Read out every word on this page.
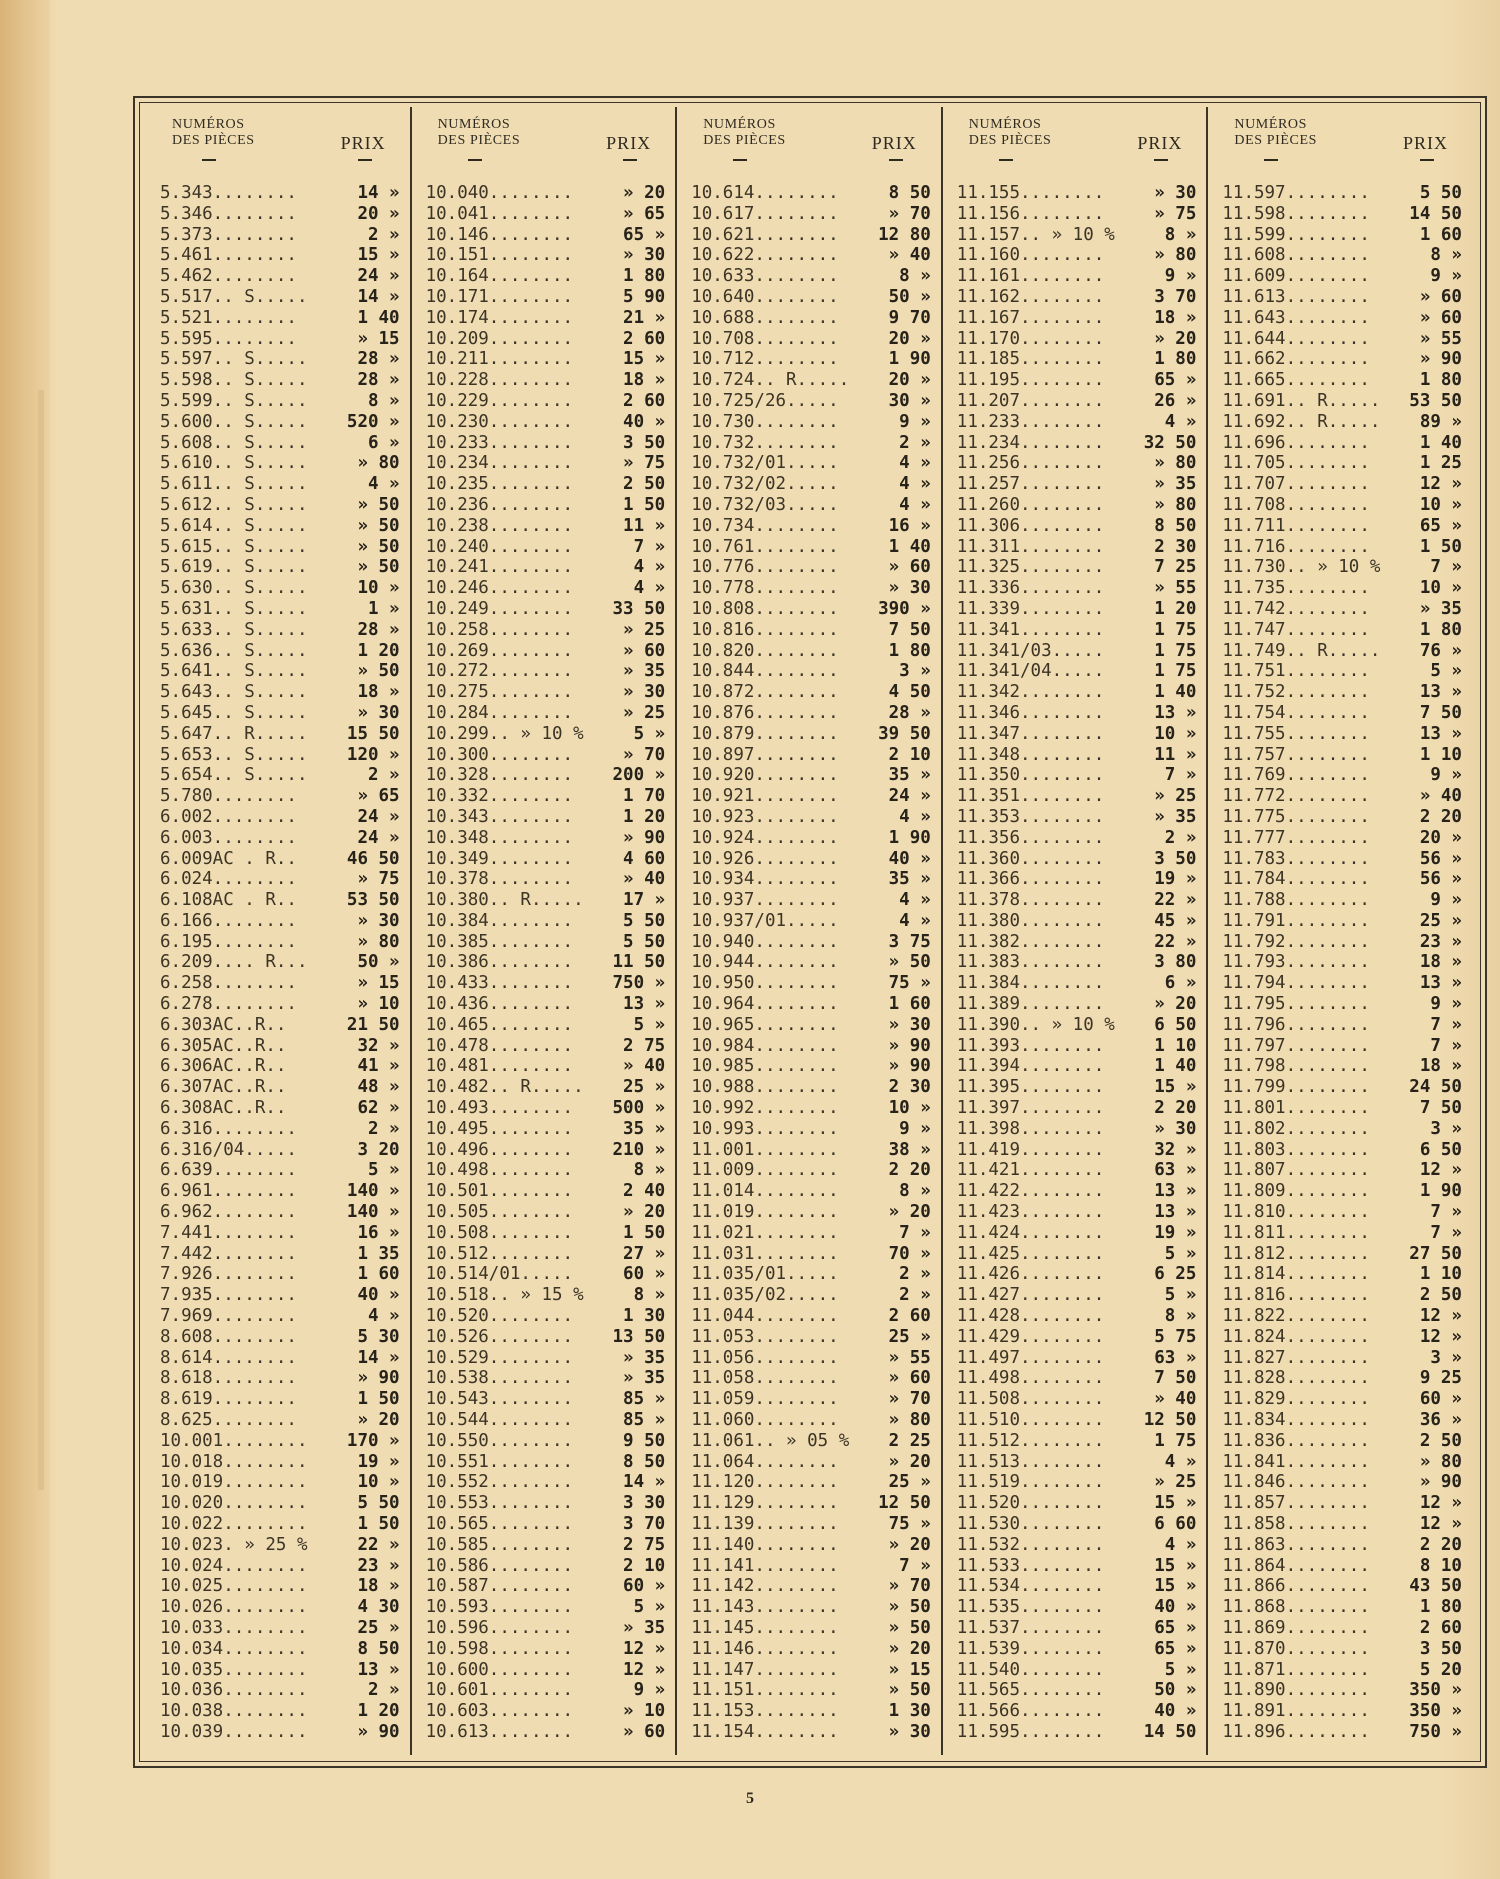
NUMÉROS
DES PIÈCES	PRIX
5.343........	14 »
5.346........	20 »
5.373........	2 »
5.461........	15 »
5.462........	24 »
5.517.. S.....	14 »
5.521........	1 40
5.595........	» 15
5.597.. S.....	28 »
5.598.. S.....	28 »
5.599.. S.....	8 »
5.600.. S..... 520 »
5.608.. S.....	6 »
5.610.. S.....	» 80
5.611.. S.....	4 »
5.612.. S.....	» 50
5.614.. S.....	» 50
5.615.. S.....	» 50
5.619.. S.....	» 50
5.630.. S.....	10 »
5.631.. S.....	1 »
5.633.. S.....	28 »
5.636.. S.....	1 20
5.641.. S.....	» 50
5.643.. S.....	18 »
5.645.. S.....	» 30
5.647.. R..... 15 50
5.653.. S..... 120 »
5.654.. S.....	2 »
5.780........	» 65
6.002........	24 »
6.003........	24 »
6.009AC . R..	46 50
6.024........	» 75
6.108AC . R..	53 50
6.166........	» 30
6.195........	» 80
6.209.... R...	50 »
6.258........	» 15
6.278........	» 10
6.303AC..R..	21 50
6.305AC..R..	32 »
6.306AC..R..	41 »
6.307AC..R..	48 »
6.308AC..R..	62 »
6.316........	2 »
6.316/04.....	3 20
6.639........	5 »
6.961........	140 »
6.962........	140 »
7.441........	16 »
7.442........	1 35
7.926........	1 60
7.935........	40 »
7.969........	4 »
8.608........	5 30
8.614........	14 »
8.618........	» 90
8.619........	1 50
8.625........	» 20
10.001........ 170 »
10.018........	19 »
10.019........	10 »
10.020........	5 50
10.022........	1 50
10.023. » 25 %	22 »
10.024........	23 »
10.025........	18 »
10.026........	4 30
10.033........	25 »
10.034........	8 50
10.035........	13 »
10.036........	2 »
10.038........	1 20
10.039........	» 90
NUMÉROS
DES PIÈCES	PRIX
10.040........	» 20
10.041........	» 65
10.146........	65 »
10.151........	» 30
10.164........	1 80
10.171........	5 90
10.174........	21 »
10.209........	2 60
10.211........	15 »
10.228........	18 »
10.229........	2 60
10.230........	40 »
10.233........	3 50
10.234........	» 75
10.235........	2 50
10.236........	1 50
10.238........	11 »
10.240........	7 »
10.241........	4 »
10.246........	4 »
10.249........ 33 50
10.258........	» 25
10.269........	» 60
10.272........	» 35
10.275........	» 30
10.284........	» 25
10.299.. » 10 %	5 »
10.300........	» 70
10.328........ 200 »
10.332........	1 70
10.343........	1 20
10.348........	» 90
10.349........	4 60
10.378........	» 40
10.380.. R..... 17 »
10.384........	5 50
10.385........	5 50
10.386........ 11 50
10.433........ 750 »
10.436........	13 »
10.465........	5 »
10.478........	2 75
10.481........	» 40
10.482.. R..... 25 »
10.493........ 500 »
10.495........	35 »
10.496........ 210 »
10.498........	8 »
10.501........	2 40
10.505........	» 20
10.508........	1 50
10.512........	27 »
10.514/01.....	60 »
10.518.. » 15 %	8 »
10.520........	1 30
10.526........ 13 50
10.529........	» 35
10.538........	» 35
10.543........	85 »
10.544........	85 »
10.550........	9 50
10.551........	8 50
10.552........	14 »
10.553........	3 30
10.565........	3 70
10.585........	2 75
10.586........	2 10
10.587........	60 »
10.593........	5 »
10.596........	» 35
10.598........	12 »
10.600........	12 »
10.601........	9 »
10.603........	» 10
10.613........	» 60
NUMÉROS
DES PIÈCES	PRIX
10.614........	8 50
10.617........	» 70
10.621........ 12 80
10.622........	» 40
10.633........	8 »
10.640........	50 »
10.688........	9 70
10.708........	20 »
10.712........	1 90
10.724.. R..... 20 »
10.725/26.....	30 »
10.730........	9 »
10.732........	2 »
10.732/01.....	4 »
10.732/02.....	4 »
10.732/03.....	4 »
10.734........	16 »
10.761........	1 40
10.776........	» 60
10.778........	» 30
10.808........ 390 »
10.816........	7 50
10.820........	1 80
10.844........	3 »
10.872........	4 50
10.876........	28 »
10.879........ 39 50
10.897........	2 10
10.920........	35 »
10.921........	24 »
10.923........	4 »
10.924........	1 90
10.926........	40 »
10.934........	35 »
10.937........	4 »
10.937/01.....	4 »
10.940........	3 75
10.944........	» 50
10.950........	75 »
10.964........	1 60
10.965........	» 30
10.984........	» 90
10.985........	» 90
10.988........	2 30
10.992........	10 »
10.993........	9 »
11.001........	38 »
11.009........	2 20
11.014........	8 »
11.019........	» 20
11.021........	7 »
11.031........	70 »
11.035/01.....	2 »
11.035/02.....	2 »
11.044........	2 60
11.053........	25 »
11.056........	» 55
11.058........	» 60
11.059........	» 70
11.060........	» 80
11.061.. » 05 % 2 25
11.064........	» 20
11.120........	25 »
11.129........ 12 50
11.139........	75 »
11.140........	» 20
11.141........	7 »
11.142........	» 70
11.143........	» 50
11.145........	» 50
11.146........	» 20
11.147........	» 15
11.151........	» 50
11.153........	1 30
11.154........	» 30
NUMÉROS
DES PIÈCES	PRIX
11.155........	» 30
11.156........	» 75
11.157.. » 10 %	8 »
11.160........	» 80
11.161........	9 »
11.162........	3 70
11.167........	18 »
11.170........	» 20
11.185........	1 80
11.195........	65 »
11.207........	26 »
11.233........	4 »
11.234........ 32 50
11.256........	» 80
11.257........	» 35
11.260........	» 80
11.306........	8 50
11.311........	2 30
11.325........	7 25
11.336........	» 55
11.339........	1 20
11.341........	1 75
11.341/03.....	1 75
11.341/04.....	1 75
11.342........	1 40
11.346........	13 »
11.347........	10 »
11.348........	11 »
11.350........	7 »
11.351........	» 25
11.353........	» 35
11.356........	2 »
11.360........	3 50
11.366........	19 »
11.378........	22 »
11.380........	45 »
11.382........	22 »
11.383........	3 80
11.384........	6 »
11.389........	» 20
11.390.. » 10 % 6 50
11.393........	1 10
11.394........	1 40
11.395........	15 »
11.397........	2 20
11.398........	» 30
11.419........	32 »
11.421........	63 »
11.422........	13 »
11.423........	13 »
11.424........	19 »
11.425........	5 »
11.426........	6 25
11.427........	5 »
11.428........	8 »
11.429........	5 75
11.497........	63 »
11.498........	7 50
11.508........	» 40
11.510........ 12 50
11.512........	1 75
11.513........	4 »
11.519........	» 25
11.520........	15 »
11.530........	6 60
11.532........	4 »
11.533........	15 »
11.534........	15 »
11.535........	40 »
11.537........	65 »
11.539........	65 »
11.540........	5 »
11.565........	50 »
11.566........	40 »
11.595........ 14 50
NUMÉROS
DES PIÈCES	PRIX
11.597........	5 50
11.598........ 14 50
11.599........	1 60
11.608........	8 »
11.609........	9 »
11.613........	» 60
11.643........	» 60
11.644........	» 55
11.662........	» 90
11.665........	1 80
11.691.. R..... 53 50
11.692.. R..... 89 »
11.696........	1 40
11.705........	1 25
11.707........	12 »
11.708........	10 »
11.711........	65 »
11.716........	1 50
11.730.. » 10 %	7 »
11.735........	10 »
11.742........	» 35
11.747........	1 80
11.749.. R..... 76 »
11.751........	5 »
11.752........	13 »
11.754........	7 50
11.755........	13 »
11.757........	1 10
11.769........	9 »
11.772........	» 40
11.775........	2 20
11.777........	20 »
11.783........	56 »
11.784........	56 »
11.788........	9 »
11.791........	25 »
11.792........	23 »
11.793........	18 »
11.794........	13 »
11.795........	9 »
11.796........	7 »
11.797........	7 »
11.798........	18 »
11.799........ 24 50
11.801........	7 50
11.802........	3 »
11.803........	6 50
11.807........	12 »
11.809........	1 90
11.810........	7 »
11.811........	7 »
11.812........ 27 50
11.814........	1 10
11.816........	2 50
11.822........	12 »
11.824........	12 »
11.827........	3 »
11.828........	9 25
11.829........	60 »
11.834........	36 »
11.836........	2 50
11.841........	» 80
11.846........	» 90
11.857........	12 »
11.858........	12 »
11.863........	2 20
11.864........	8 10
11.866........ 43 50
11.868........	1 80
11.869........	2 60
11.870........	3 50
11.871........	5 20
11.890........ 350 »
11.891........ 350 »
11.896........ 750 »
5
